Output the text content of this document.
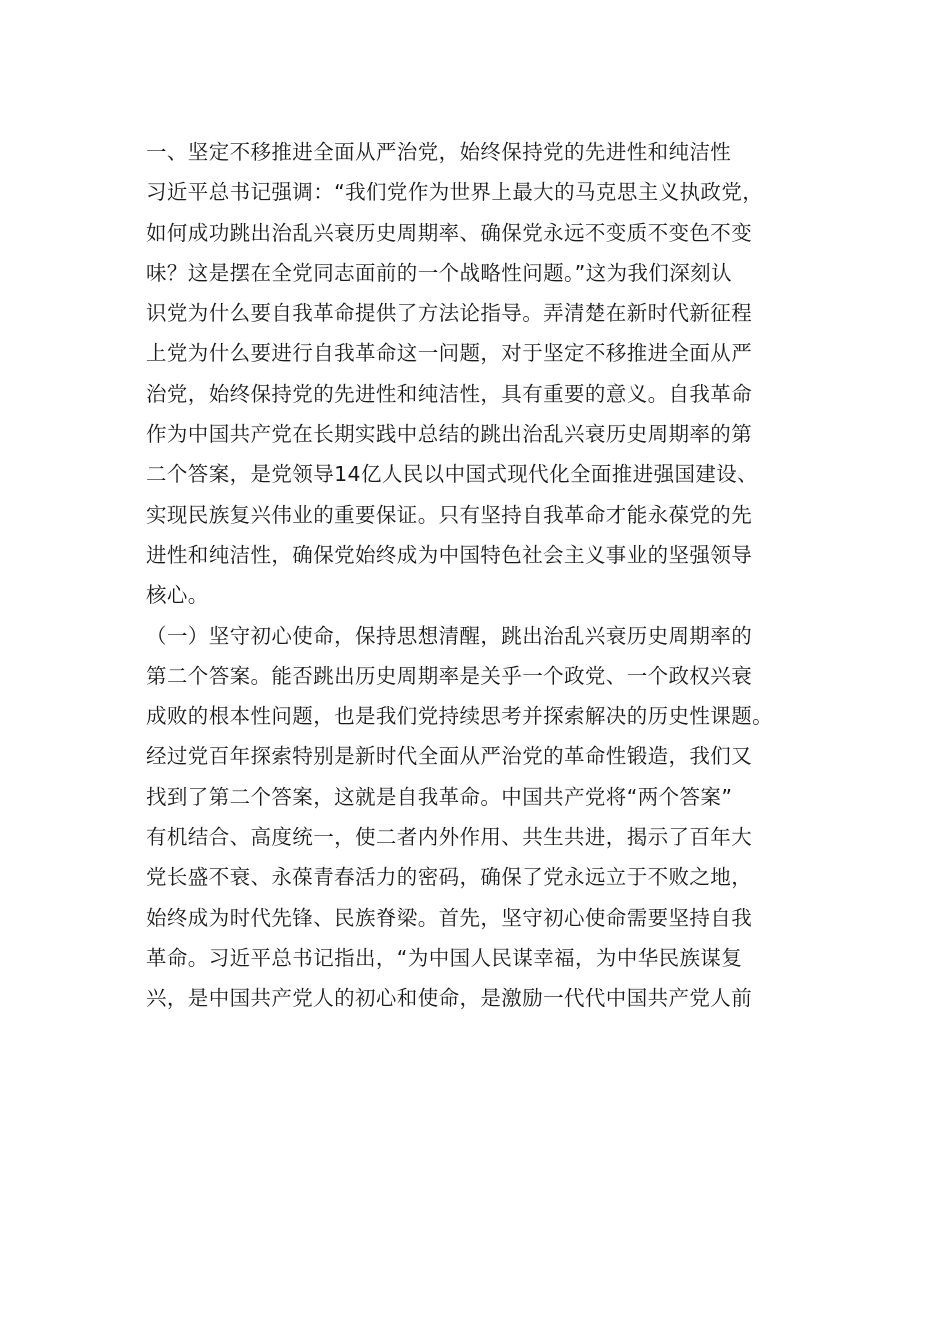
一、坚定不移推进全面从严治党，始终保持党的先进性和纯洁性
习近平总书记强调：“我们党作为世界上最大的马克思主义执政党，
如何成功跳出治乱兴衰历史周期率、确保党永远不变质不变色不变
味？这是摆在全党同志面前的一个战略性问题。”这为我们深刻认
识党为什么要自我革命提供了方法论指导。弄清楚在新时代新征程
上党为什么要进行自我革命这一问题，对于坚定不移推进全面从严
治党，始终保持党的先进性和纯洁性，具有重要的意义。自我革命
作为中国共产党在长期实践中总结的跳出治乱兴衰历史周期率的第
二个答案，是党领导14亿人民以中国式现代化全面推进强国建设、
实现民族复兴伟业的重要保证。只有坚持自我革命才能永葆党的先
进性和纯洁性，确保党始终成为中国特色社会主义事业的坚强领导
核心。
（一）坚守初心使命，保持思想清醒，跳出治乱兴衰历史周期率的
第二个答案。能否跳出历史周期率是关乎一个政党、一个政权兴衰
成败的根本性问题，也是我们党持续思考并探索解决的历史性课题。
经过党百年探索特别是新时代全面从严治党的革命性锻造，我们又
找到了第二个答案，这就是自我革命。中国共产党将“两个答案”
有机结合、高度统一，使二者内外作用、共生共进，揭示了百年大
党长盛不衰、永葆青春活力的密码，确保了党永远立于不败之地，
始终成为时代先锋、民族脊梁。首先，坚守初心使命需要坚持自我
革命。习近平总书记指出，“为中国人民谋幸福，为中华民族谋复
兴，是中国共产党人的初心和使命，是激励一代代中国共产党人前
